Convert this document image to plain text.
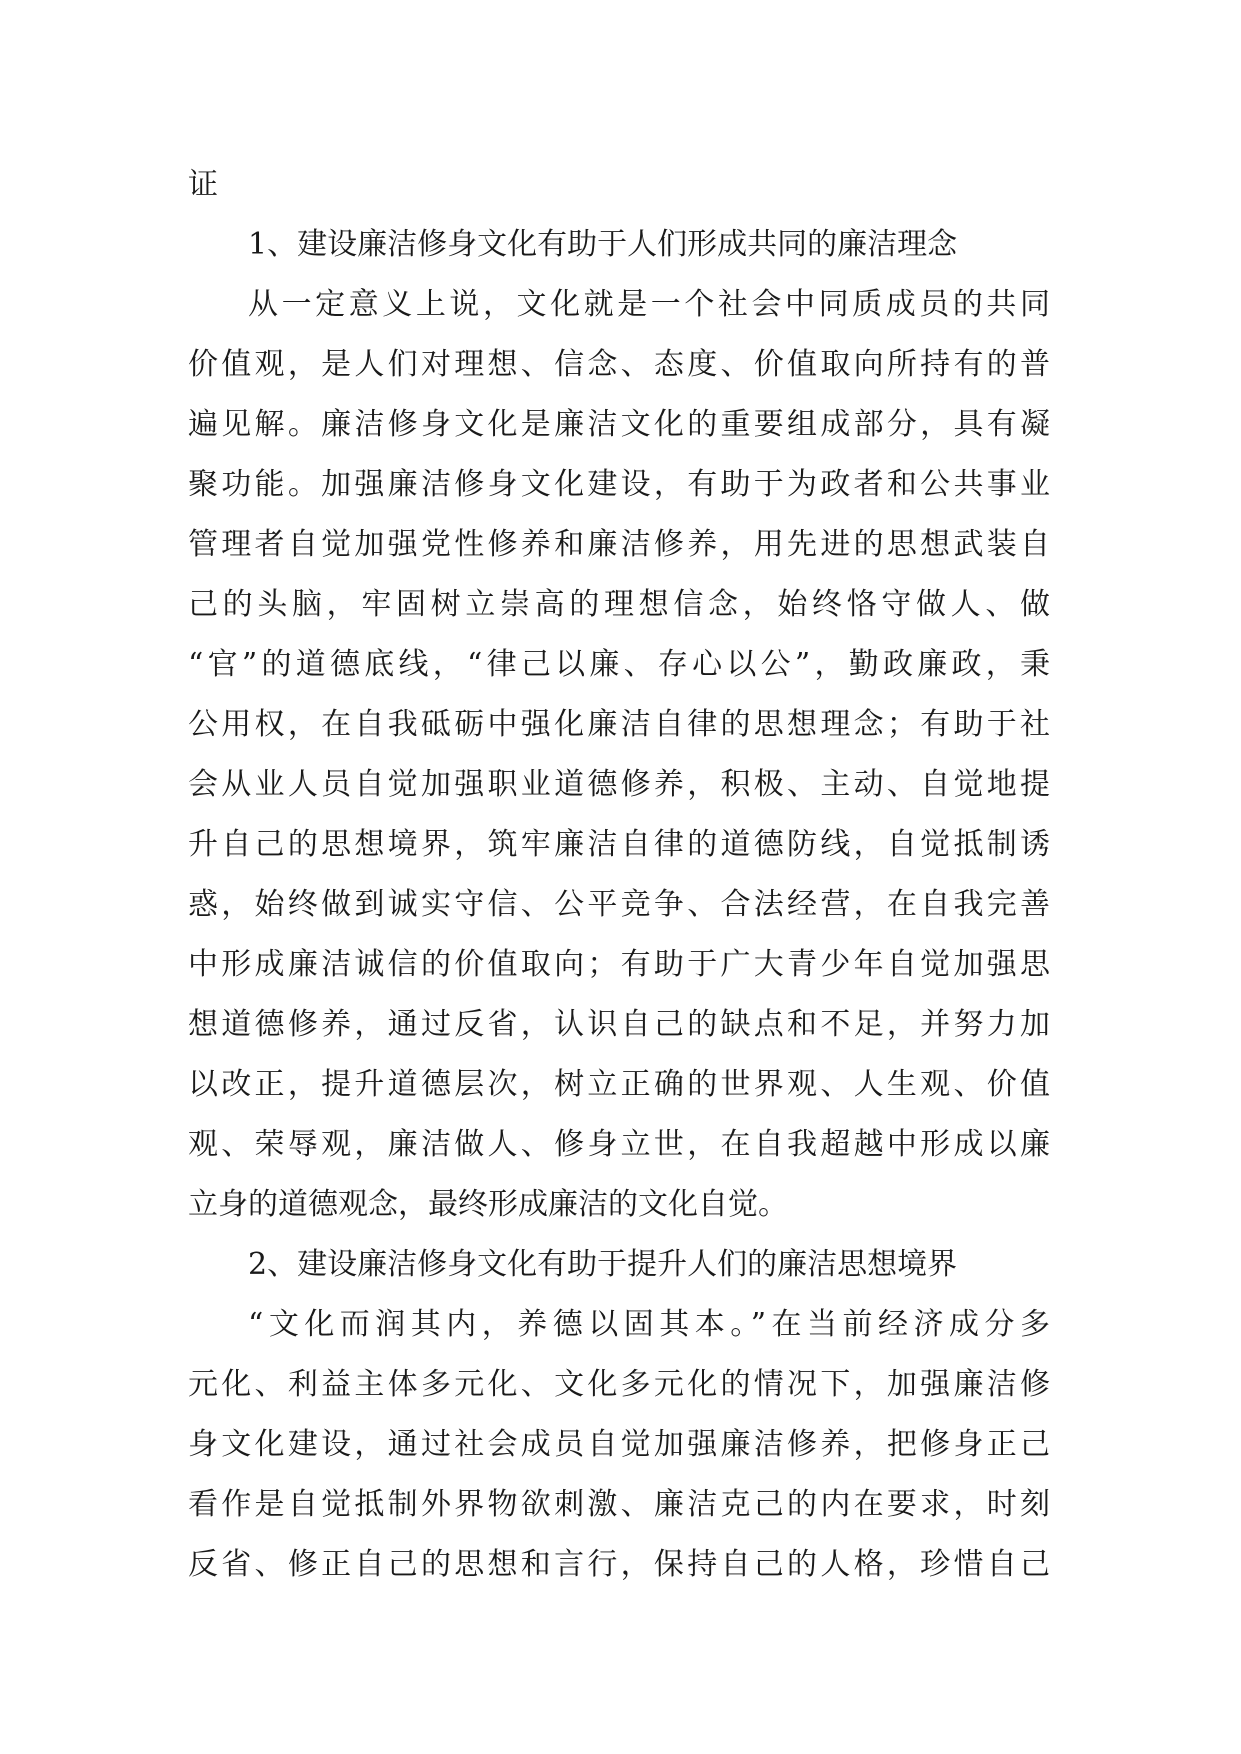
证
1、建设廉洁修身文化有助于人们形成共同的廉洁理念
从一定意义上说，文化就是一个社会中同质成员的共同
价值观，是人们对理想、信念、态度、价值取向所持有的普
遍见解。廉洁修身文化是廉洁文化的重要组成部分，具有凝
聚功能。加强廉洁修身文化建设，有助于为政者和公共事业
管理者自觉加强党性修养和廉洁修养，用先进的思想武装自
己的头脑，牢固树立崇高的理想信念，始终恪守做人、做
“官”的道德底线，“律己以廉、存心以公”，勤政廉政，秉
公用权，在自我砥砺中强化廉洁自律的思想理念；有助于社
会从业人员自觉加强职业道德修养，积极、主动、自觉地提
升自己的思想境界，筑牢廉洁自律的道德防线，自觉抵制诱
惑，始终做到诚实守信、公平竞争、合法经营，在自我完善
中形成廉洁诚信的价值取向；有助于广大青少年自觉加强思
想道德修养，通过反省，认识自己的缺点和不足，并努力加
以改正，提升道德层次，树立正确的世界观、人生观、价值
观、荣辱观，廉洁做人、修身立世，在自我超越中形成以廉
立身的道德观念，最终形成廉洁的文化自觉。
2、建设廉洁修身文化有助于提升人们的廉洁思想境界
“文化而润其内，养德以固其本。”在当前经济成分多
元化、利益主体多元化、文化多元化的情况下，加强廉洁修
身文化建设，通过社会成员自觉加强廉洁修养，把修身正己
看作是自觉抵制外界物欲刺激、廉洁克己的内在要求，时刻
反省、修正自己的思想和言行，保持自己的人格，珍惜自己
